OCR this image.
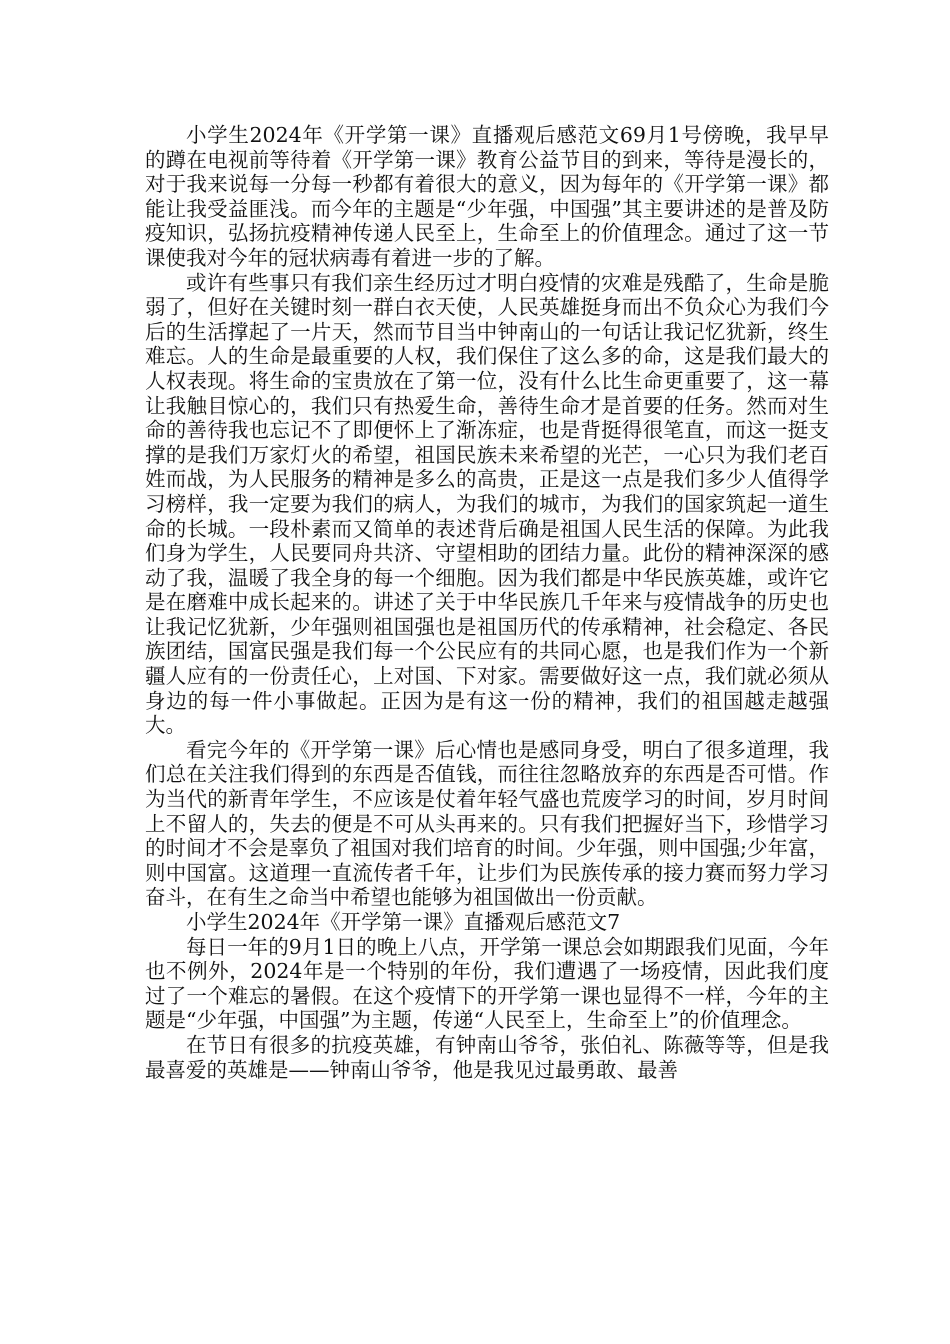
小学生2024年《开学第一课》直播观后感范文69月1号傍晚，我早早的蹲在电视前等待着《开学第一课》教育公益节目的到来，等待是漫长的，对于我来说每一分每一秒都有着很大的意义，因为每年的《开学第一课》都能让我受益匪浅。而今年的主题是“少年强，中国强”其主要讲述的是普及防疫知识，弘扬抗疫精神传递人民至上，生命至上的价值理念。通过了这一节课使我对今年的冠状病毒有着进一步的了解。

或许有些事只有我们亲生经历过才明白疫情的灾难是残酷了，生命是脆弱了，但好在关键时刻一群白衣天使，人民英雄挺身而出不负众心为我们今后的生活撑起了一片天，然而节目当中钟南山的一句话让我记忆犹新，终生难忘。人的生命是最重要的人权，我们保住了这么多的命，这是我们最大的人权表现。将生命的宝贵放在了第一位，没有什么比生命更重要了，这一幕让我触目惊心的，我们只有热爱生命，善待生命才是首要的任务。然而对生命的善待我也忘记不了即便怀上了渐冻症，也是背挺得很笔直，而这一挺支撑的是我们万家灯火的希望，祖国民族未来希望的光芒，一心只为我们老百姓而战，为人民服务的精神是多么的高贵，正是这一点是我们多少人值得学习榜样，我一定要为我们的病人，为我们的城市，为我们的国家筑起一道生命的长城。一段朴素而又简单的表述背后确是祖国人民生活的保障。为此我们身为学生，人民要同舟共济、守望相助的团结力量。此份的精神深深的感动了我，温暖了我全身的每一个细胞。因为我们都是中华民族英雄，或许它是在磨难中成长起来的。讲述了关于中华民族几千年来与疫情战争的历史也让我记忆犹新，少年强则祖国强也是祖国历代的传承精神，社会稳定、各民族团结，国富民强是我们每一个公民应有的共同心愿，也是我们作为一个新疆人应有的一份责任心，上对国、下对家。需要做好这一点，我们就必须从身边的每一件小事做起。正因为是有这一份的精神，我们的祖国越走越强大。

看完今年的《开学第一课》后心情也是感同身受，明白了很多道理，我们总在关注我们得到的东西是否值钱，而往往忽略放弃的东西是否可惜。作为当代的新青年学生，不应该是仗着年轻气盛也荒废学习的时间，岁月时间上不留人的，失去的便是不可从头再来的。只有我们把握好当下，珍惜学习的时间才不会是辜负了祖国对我们培育的时间。少年强，则中国强;少年富，则中国富。这道理一直流传者千年，让步们为民族传承的接力赛而努力学习奋斗，在有生之命当中希望也能够为祖国做出一份贡献。

小学生2024年《开学第一课》直播观后感范文7

每日一年的9月1日的晚上八点，开学第一课总会如期跟我们见面，今年也不例外，2024年是一个特别的年份，我们遭遇了一场疫情，因此我们度过了一个难忘的暑假。在这个疫情下的开学第一课也显得不一样，今年的主题是“少年强，中国强”为主题，传递“人民至上，生命至上”的价值理念。

在节日有很多的抗疫英雄，有钟南山爷爷，张伯礼、陈薇等等，但是我最喜爱的英雄是——钟南山爷爷，他是我见过最勇敢、最善
